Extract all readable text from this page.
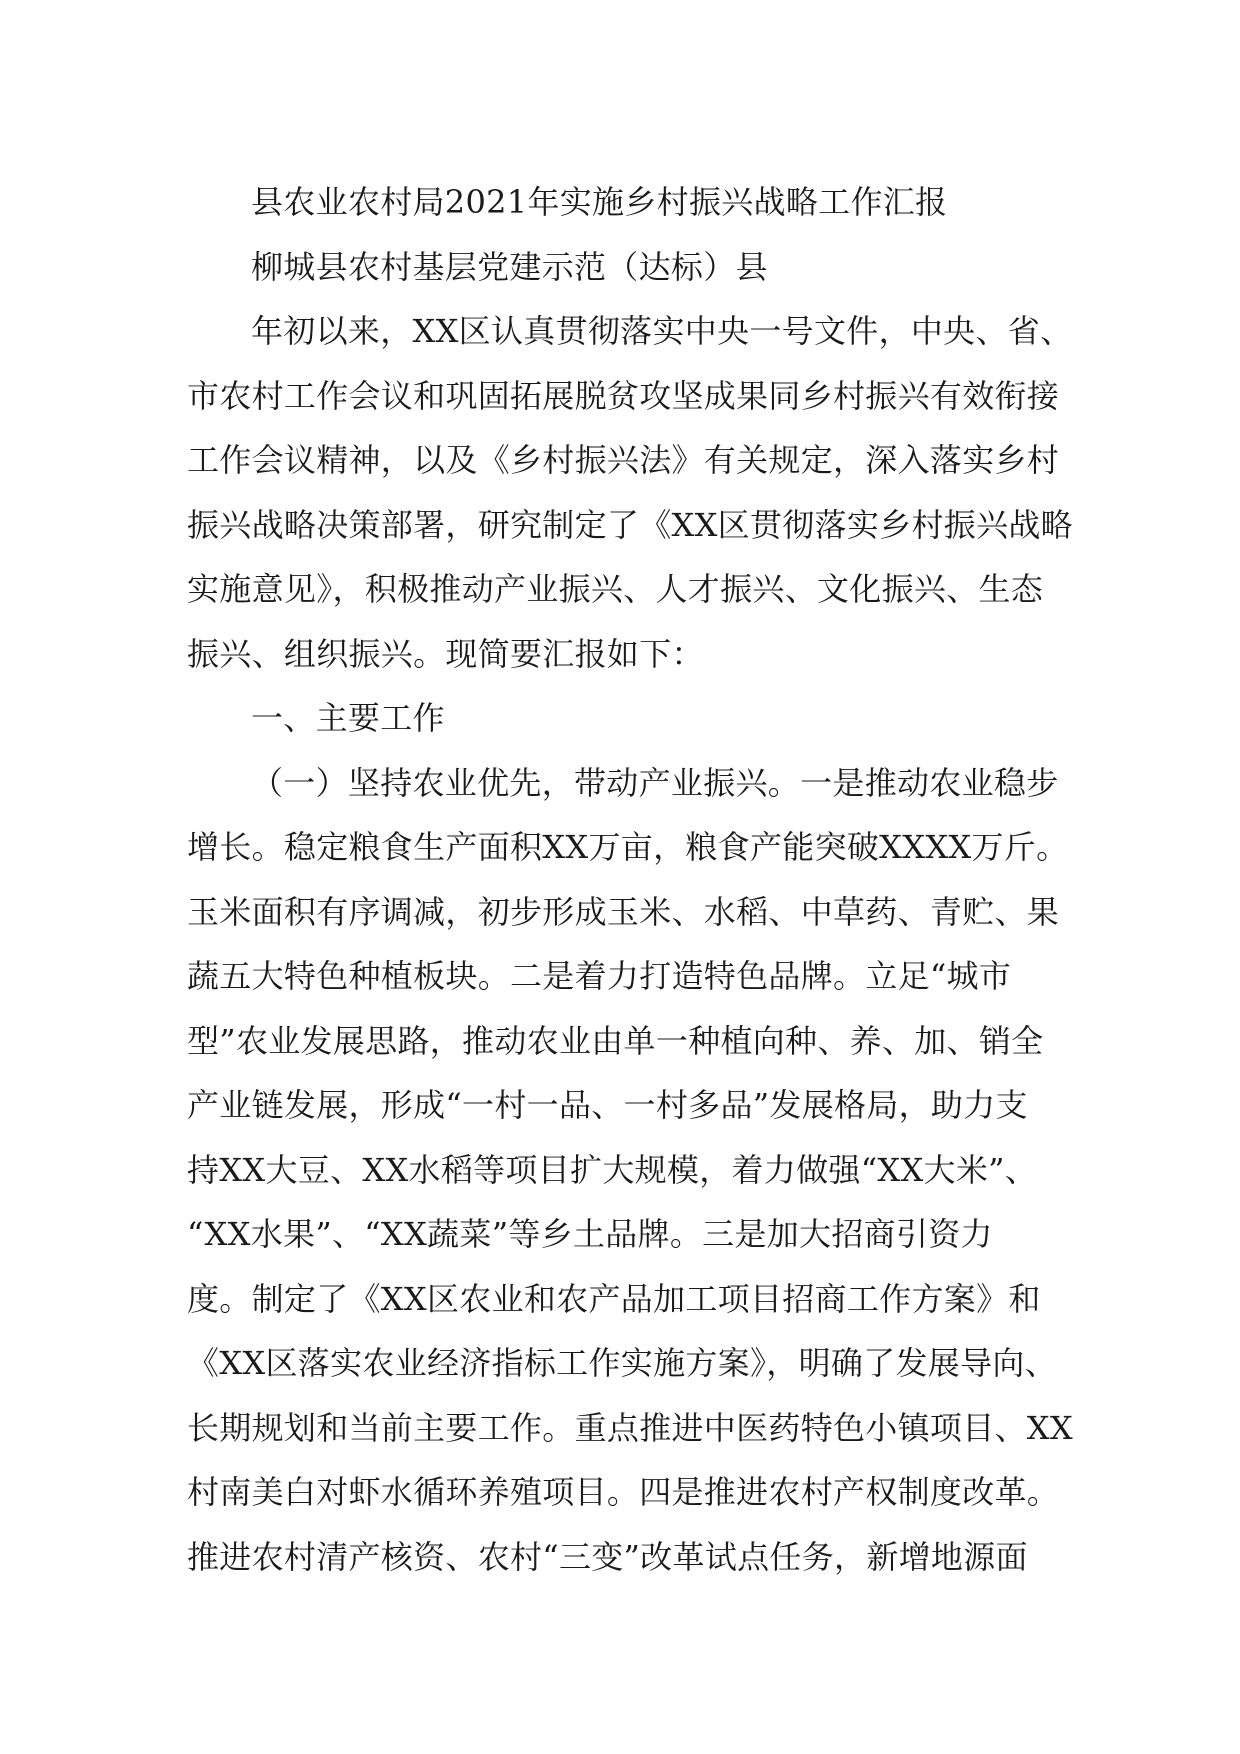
县农业农村局2021年实施乡村振兴战略工作汇报
柳城县农村基层党建示范（达标）县
年初以来，XX区认真贯彻落实中央一号文件，中央、省、
市农村工作会议和巩固拓展脱贫攻坚成果同乡村振兴有效衔接
工作会议精神，以及《乡村振兴法》有关规定，深入落实乡村
振兴战略决策部署，研究制定了《XX区贯彻落实乡村振兴战略
实施意见》，积极推动产业振兴、人才振兴、文化振兴、生态
振兴、组织振兴。现简要汇报如下：
一、主要工作
（一）坚持农业优先，带动产业振兴。一是推动农业稳步
增长。稳定粮食生产面积XX万亩，粮食产能突破XXXX万斤。
玉米面积有序调减，初步形成玉米、水稻、中草药、青贮、果
蔬五大特色种植板块。二是着力打造特色品牌。立足“城市
型”农业发展思路，推动农业由单一种植向种、养、加、销全
产业链发展，形成“一村一品、一村多品”发展格局，助力支
持XX大豆、XX水稻等项目扩大规模，着力做强“XX大米”、
“XX水果”、“XX蔬菜”等乡土品牌。三是加大招商引资力
度。制定了《XX区农业和农产品加工项目招商工作方案》和
《XX区落实农业经济指标工作实施方案》，明确了发展导向、
长期规划和当前主要工作。重点推进中医药特色小镇项目、XX
村南美白对虾水循环养殖项目。四是推进农村产权制度改革。
推进农村清产核资、农村“三变”改革试点任务，新增地源面
